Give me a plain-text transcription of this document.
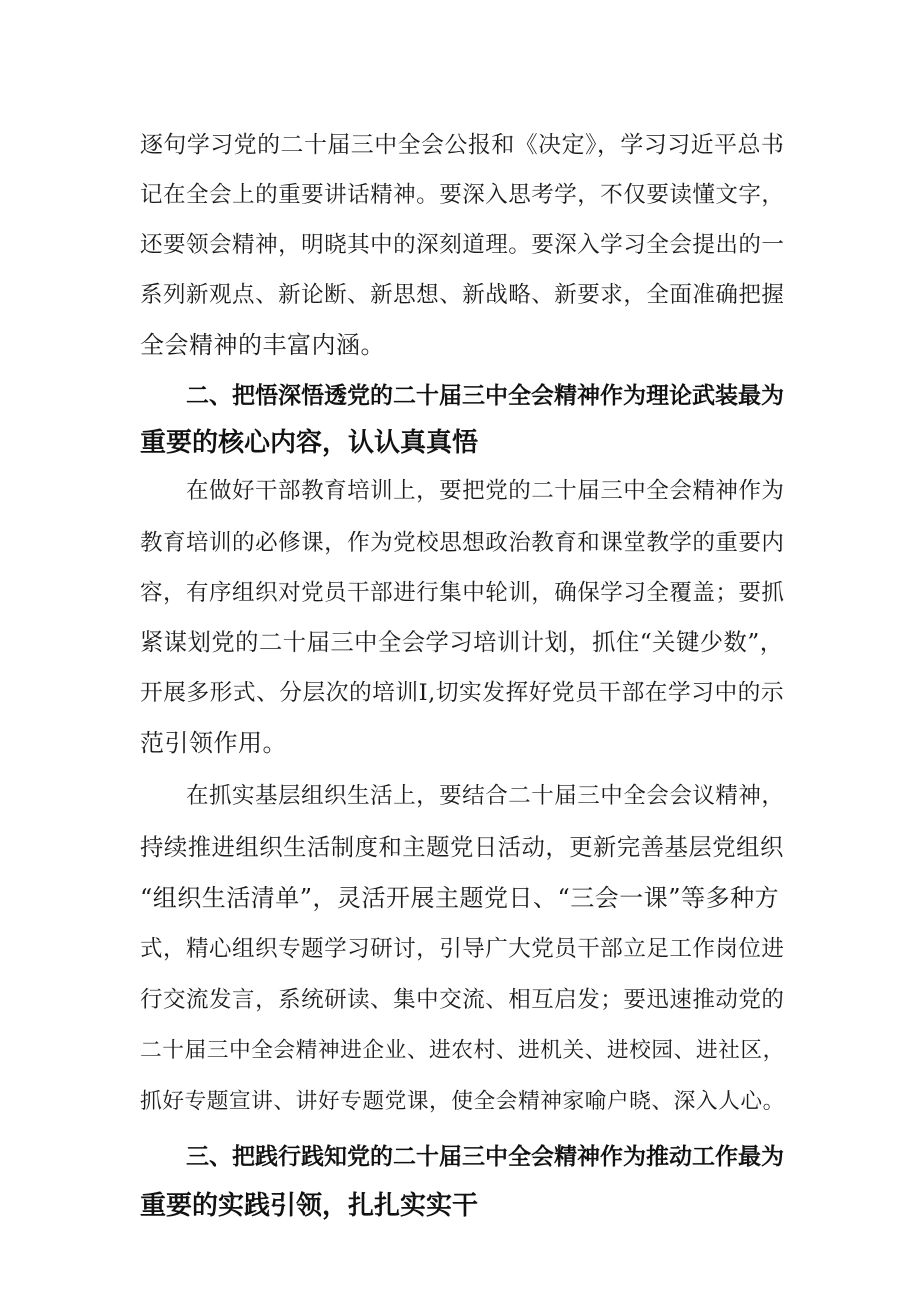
逐句学习党的二十届三中全会公报和《决定》，学习习近平总书
记在全会上的重要讲话精神。要深入思考学，不仅要读懂文字，
还要领会精神，明晓其中的深刻道理。要深入学习全会提出的一
系列新观点、新论断、新思想、新战略、新要求，全面准确把握
全会精神的丰富内涵。
二、把悟深悟透党的二十届三中全会精神作为理论武装最为
重要的核心内容，认认真真悟
在做好干部教育培训上，要把党的二十届三中全会精神作为
教育培训的必修课，作为党校思想政治教育和课堂教学的重要内
容，有序组织对党员干部进行集中轮训，确保学习全覆盖；要抓
紧谋划党的二十届三中全会学习培训计划，抓住“关键少数”，
开展多形式、分层次的培训I,切实发挥好党员干部在学习中的示
范引领作用。
在抓实基层组织生活上，要结合二十届三中全会会议精神，
持续推进组织生活制度和主题党日活动，更新完善基层党组织
“组织生活清单”，灵活开展主题党日、“三会一课”等多种方
式，精心组织专题学习研讨，引导广大党员干部立足工作岗位进
行交流发言，系统研读、集中交流、相互启发；要迅速推动党的
二十届三中全会精神进企业、进农村、进机关、进校园、进社区，
抓好专题宣讲、讲好专题党课，使全会精神家喻户晓、深入人心。
三、把践行践知党的二十届三中全会精神作为推动工作最为
重要的实践引领，扎扎实实干
